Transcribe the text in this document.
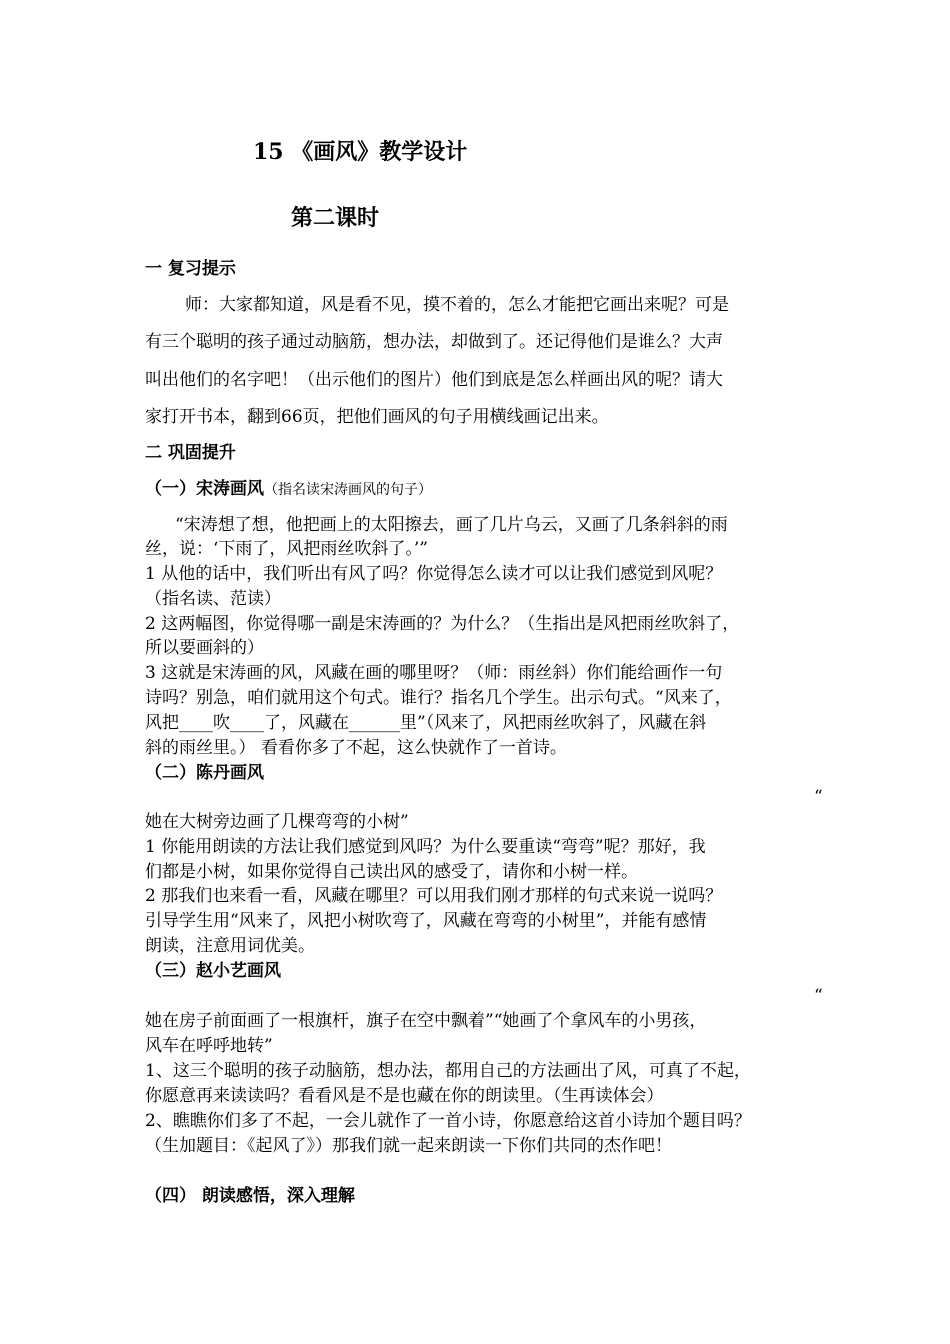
15 《画风》教学设计
第二课时
一 复习提示
师：大家都知道，风是看不见，摸不着的，怎么才能把它画出来呢？可是
有三个聪明的孩子通过动脑筋，想办法，却做到了。还记得他们是谁么？大声
叫出他们的名字吧！（出示他们的图片）他们到底是怎么样画出风的呢？请大
家打开书本，翻到66页，把他们画风的句子用横线画记出来。
二 巩固提升
（一）宋涛画风（指名读宋涛画风的句子）
“宋涛想了想，他把画上的太阳擦去，画了几片乌云，又画了几条斜斜的雨
丝，说：‘下雨了，风把雨丝吹斜了。’”
1 从他的话中，我们听出有风了吗？你觉得怎么读才可以让我们感觉到风呢？
（指名读、范读）
2 这两幅图，你觉得哪一副是宋涛画的？为什么？（生指出是风把雨丝吹斜了，
所以要画斜的）
3 这就是宋涛画的风，风藏在画的哪里呀？（师：雨丝斜）你们能给画作一句
诗吗？别急，咱们就用这个句式。谁行？指名几个学生。出示句式。“风来了，
风把____吹____了，风藏在______里”（风来了，风把雨丝吹斜了，风藏在斜
斜的雨丝里。） 看看你多了不起，这么快就作了一首诗。
（二）陈丹画风
“
她在大树旁边画了几棵弯弯的小树”
1 你能用朗读的方法让我们感觉到风吗？为什么要重读“弯弯”呢？那好，我
们都是小树，如果你觉得自己读出风的感受了，请你和小树一样。
2 那我们也来看一看，风藏在哪里？可以用我们刚才那样的句式来说一说吗？
引导学生用“风来了，风把小树吹弯了，风藏在弯弯的小树里”，并能有感情
朗读，注意用词优美。
（三）赵小艺画风
“
她在房子前面画了一根旗杆，旗子在空中飘着”“她画了个拿风车的小男孩，
风车在呼呼地转”
1、这三个聪明的孩子动脑筋，想办法，都用自己的方法画出了风，可真了不起，
你愿意再来读读吗？看看风是不是也藏在你的朗读里。（生再读体会）
2、瞧瞧你们多了不起，一会儿就作了一首小诗，你愿意给这首小诗加个题目吗？
（生加题目：《起风了》）那我们就一起来朗读一下你们共同的杰作吧！
（四） 朗读感悟，深入理解
